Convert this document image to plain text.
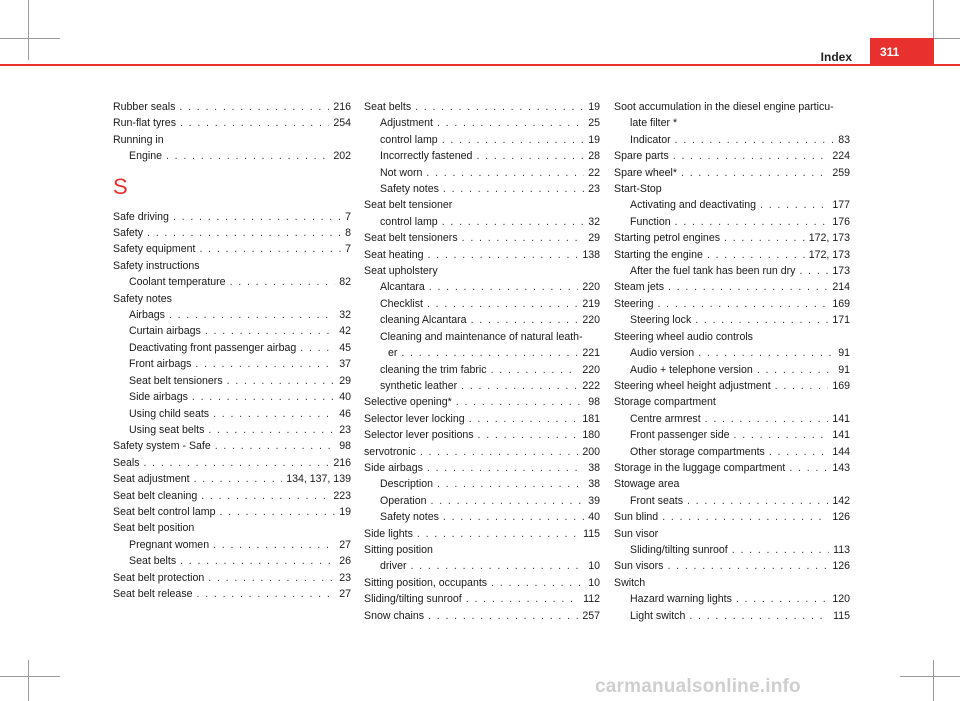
Index 311
Rubber seals . . .	216
Run-flat tyres . . .	254
Running in
Engine . . .	202
S
Safe driving . . .	7
Safety . . .	8
Safety equipment . . .	7
Safety instructions
Coolant temperature . . .	82
Safety notes
Airbags . . .	32
Curtain airbags . . .	42
Deactivating front passenger airbag . . .	45
Front airbags . . .	37
Seat belt tensioners . . .	29
Side airbags . . .	40
Using child seats . . .	46
Using seat belts . . .	23
Safety system - Safe . . .	98
Seals . . .	216
Seat adjustment . . .	134, 137, 139
Seat belt cleaning . . .	223
Seat belt control lamp . . .	19
Seat belt position
Pregnant women . . .	27
Seat belts . . .	26
Seat belt protection . . .	23
Seat belt release . . .	27
Seat belts . . .	19
Adjustment . . .	25
control lamp . . .	19
Incorrectly fastened . . .	28
Not worn . . .	22
Safety notes . . .	23
Seat belt tensioner
control lamp . . .	32
Seat belt tensioners . . .	29
Seat heating . . .	138
Seat upholstery
Alcantara . . .	220
Checklist . . .	219
cleaning Alcantara . . .	220
Cleaning and maintenance of natural leath-
er . . .	221
cleaning the trim fabric . . .	220
synthetic leather . . .	222
Selective opening* . . .	98
Selector lever locking . . .	181
Selector lever positions . . .	180
servotronic . . .	200
Side airbags . . .	38
Description . . .	38
Operation . . .	39
Safety notes . . .	40
Side lights . . .	115
Sitting position
driver . . .	10
Sitting position, occupants . . .	10
Sliding/tilting sunroof . . .	112
Snow chains . . .	257
Soot accumulation in the diesel engine particu-
late filter *
Indicator . . .	83
Spare parts . . .	224
Spare wheel* . . .	259
Start-Stop
Activating and deactivating . . .	177
Function . . .	176
Starting petrol engines . . .	172, 173
Starting the engine . . .	172, 173
After the fuel tank has been run dry . . .	173
Steam jets . . .	214
Steering . . .	169
Steering lock . . .	171
Steering wheel audio controls
Audio version . . .	91
Audio + telephone version . . .	91
Steering wheel height adjustment . . .	169
Storage compartment
Centre armrest . . .	141
Front passenger side . . .	141
Other storage compartments . . .	144
Storage in the luggage compartment . . .	143
Stowage area
Front seats . . .	142
Sun blind . . .	126
Sun visor
Sliding/tilting sunroof . . .	113
Sun visors . . .	126
Switch
Hazard warning lights . . .	120
Light switch . . .	115
carmanualsonline.info
